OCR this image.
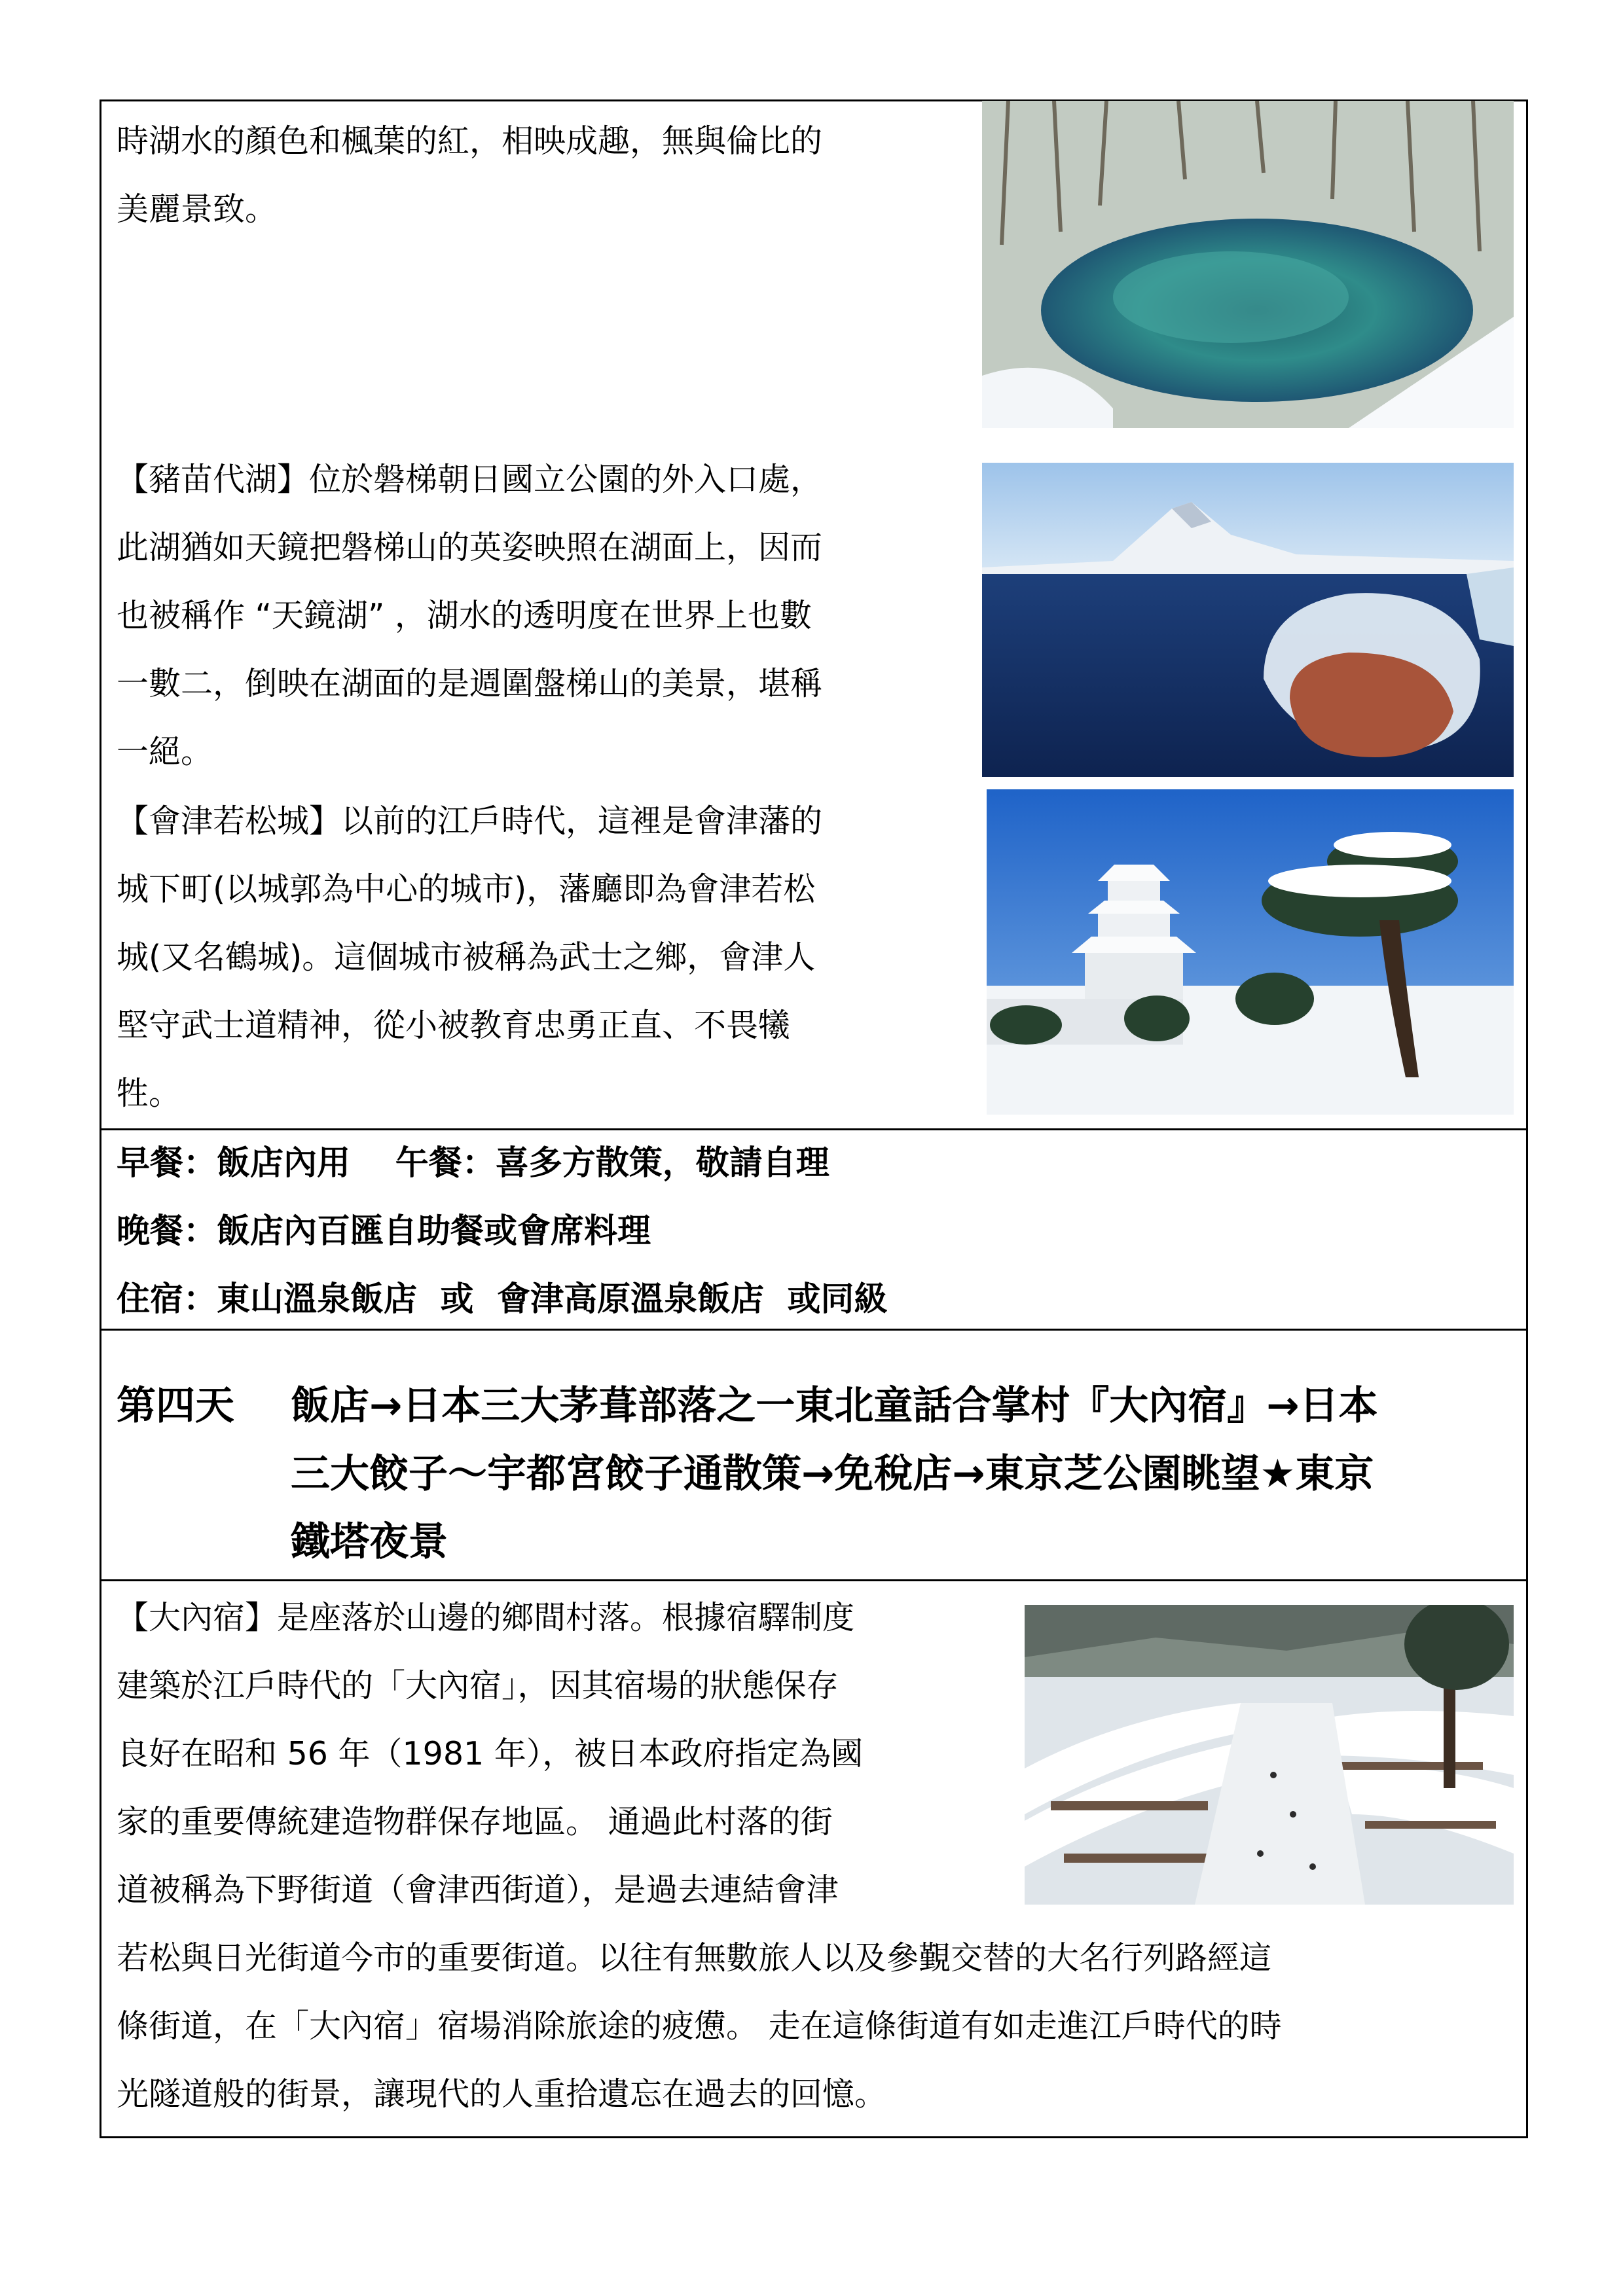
時湖水的顏色和楓葉的紅，相映成趣，無與倫比的
美麗景致。
【豬苗代湖】位於磐梯朝日國立公園的外入口處，
此湖猶如天鏡把磐梯山的英姿映照在湖面上，因而
也被稱作 “天鏡湖” ，湖水的透明度在世界上也數
一數二，倒映在湖面的是週圍盤梯山的美景，堪稱
一絕。
【會津若松城】以前的江戶時代，這裡是會津藩的
城下町(以城郭為中心的城市)，藩廳即為會津若松
城(又名鶴城)。這個城市被稱為武士之鄉，會津人
堅守武士道精神，從小被教育忠勇正直、不畏犧
牲。
早餐：飯店內用　 午餐：喜多方散策，敬請自理
晚餐：飯店內百匯自助餐或會席料理
住宿：東山溫泉飯店  或  會津高原溫泉飯店  或同級
第四天 飯店→日本三大茅葺部落之一東北童話合掌村『大內宿』→日本
三大餃子～宇都宮餃子通散策→免稅店→東京芝公園眺望★東京
鐵塔夜景
【大內宿】是座落於山邊的鄉間村落。根據宿驛制度
建築於江戶時代的「大內宿」，因其宿場的狀態保存
良好在昭和 56 年（1981 年），被日本政府指定為國
家的重要傳統建造物群保存地區。 通過此村落的街
道被稱為下野街道（會津西街道），是過去連結會津
若松與日光街道今市的重要街道。以往有無數旅人以及參覲交替的大名行列路經這
條街道，在「大內宿」宿場消除旅途的疲憊。 走在這條街道有如走進江戶時代的時
光隧道般的街景，讓現代的人重拾遺忘在過去的回憶。
